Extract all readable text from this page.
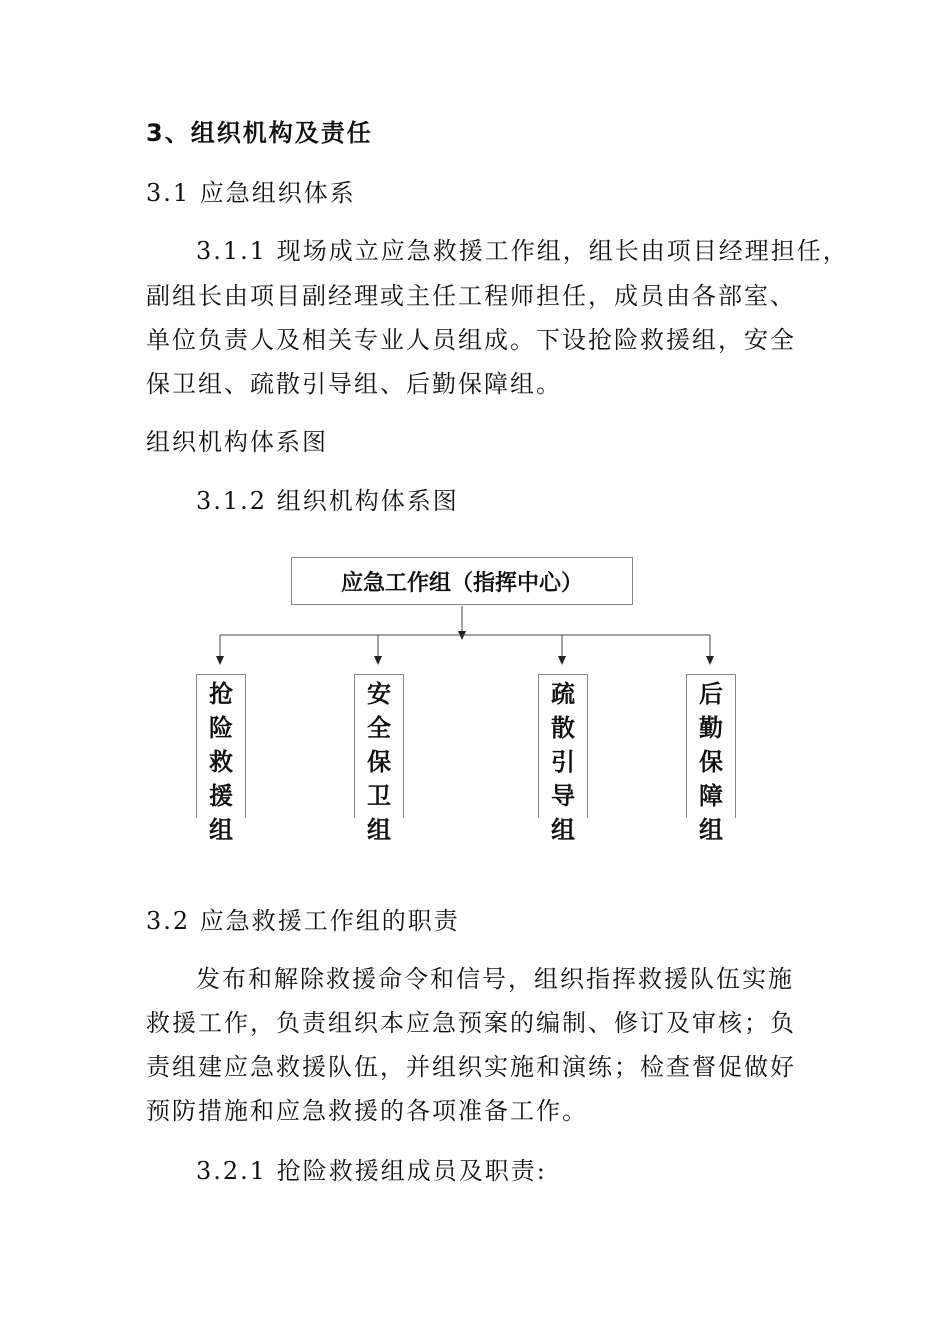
3、组织机构及责任
3.1 应急组织体系
3.1.1 现场成立应急救援工作组，组长由项目经理担任，
副组长由项目副经理或主任工程师担任，成员由各部室、
单位负责人及相关专业人员组成。下设抢险救援组，安全
保卫组、疏散引导组、后勤保障组。
组织机构体系图
3.1.2 组织机构体系图
应急工作组（指挥中心）
抢
险
救
援
组
安
全
保
卫
组
疏
散
引
导
组
后
勤
保
障
组
3.2 应急救援工作组的职责
发布和解除救援命令和信号，组织指挥救援队伍实施
救援工作，负责组织本应急预案的编制、修订及审核；负
责组建应急救援队伍，并组织实施和演练；检查督促做好
预防措施和应急救援的各项准备工作。
3.2.1 抢险救援组成员及职责:
